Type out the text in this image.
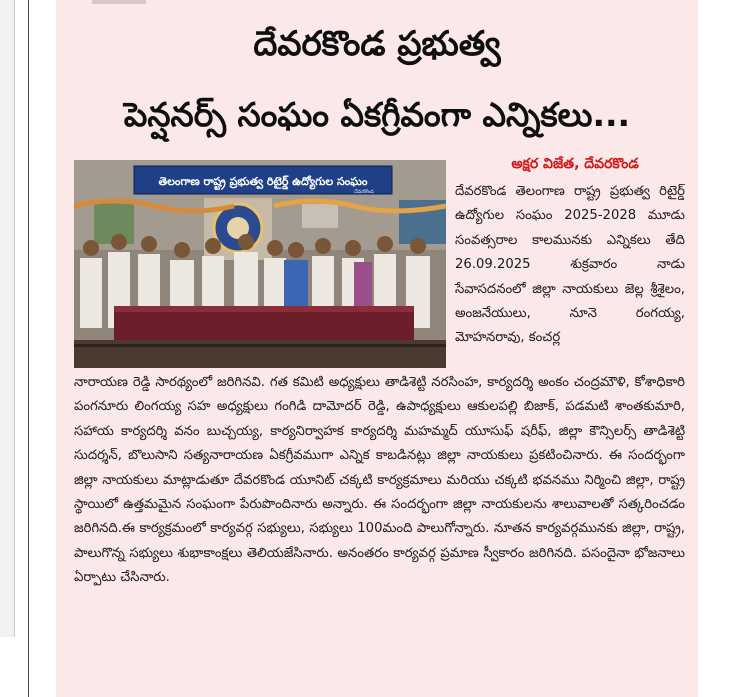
దేవరకొండ ప్రభుత్వ
పెన్షనర్స్ సంఘం ఏకగ్రీవంగా ఎన్నికలు...
తెలంగాణ రాష్ట్ర ప్రభుత్వ రిటైర్డ్ ఉద్యోగుల సంఘం
దేవరకొండ
అక్షర విజేత, దేవరకొండ
దేవరకొండ తెలంగాణ రాష్ట్ర ప్రభుత్వ రిటైర్డ్ ఉద్యోగుల సంఘం 2025-2028 మూడు సంవత్సరాల కాలమునకు ఎన్నికలు తేది 26.09.2025 శుక్రవారం నాడు సేవాసదనంలో జిల్లా నాయకులు జెల్ల శ్రీశైలం, అంజనేయులు, నూనె రంగయ్య, మోహనరావు, కంచర్ల
నారాయణ రెడ్డి సారథ్యంలో జరిగినవి. గత కమిటి అధ్యక్షులు తాడిశెట్టి నరసింహ, కార్యదర్శి అంకం చంద్రమౌళి, కోశాధికారి పంగనూరు లింగయ్య సహ అధ్యక్షులు గంగిడి దామోదర్ రెడ్డి, ఉపాధ్యక్షులు ఆకులపల్లి బిజాక్, పడమటి శాంతకుమారి, సహాయ కార్యదర్శి వనం బుచ్చయ్య, కార్యనిర్వాహక కార్యదర్శి మహమ్మద్ యూసుఫ్ షరీఫ్, జిల్లా కౌన్సిలర్స్ తాడిశెట్టి సుదర్శన్, బొలుసాని సత్యనారాయణ ఏకగ్రీవముగా ఎన్నిక కాబడినట్లు జిల్లా నాయకులు ప్రకటించినారు. ఈ సందర్భంగా జిల్లా నాయకులు మాట్లాడుతూ దేవరకొండ యూనిట్ చక్కటి కార్యక్రమాలు మరియు చక్కటి భవనము నిర్మించి జిల్లా, రాష్ట్ర స్థాయిలో ఉత్తమమైన సంఘంగా పేరుపొందినారు అన్నారు. ఈ సందర్భంగా జిల్లా నాయకులను శాలువాలతో సత్కరించడం జరిగినది.ఈ కార్యక్రమంలో కార్యవర్గ సభ్యులు, సభ్యులు 100మంది పాలుగోన్నారు. నూతన కార్యవర్గమునకు జిల్లా, రాష్ట్ర, పాలుగొన్న సభ్యులు శుభాకాంక్షలు తెలియజేసినారు. అనంతరం కార్యవర్గ ప్రమాణ స్వీకారం జరిగినది. పసందైనా భోజనాలు ఏర్పాటు చేసినారు.
